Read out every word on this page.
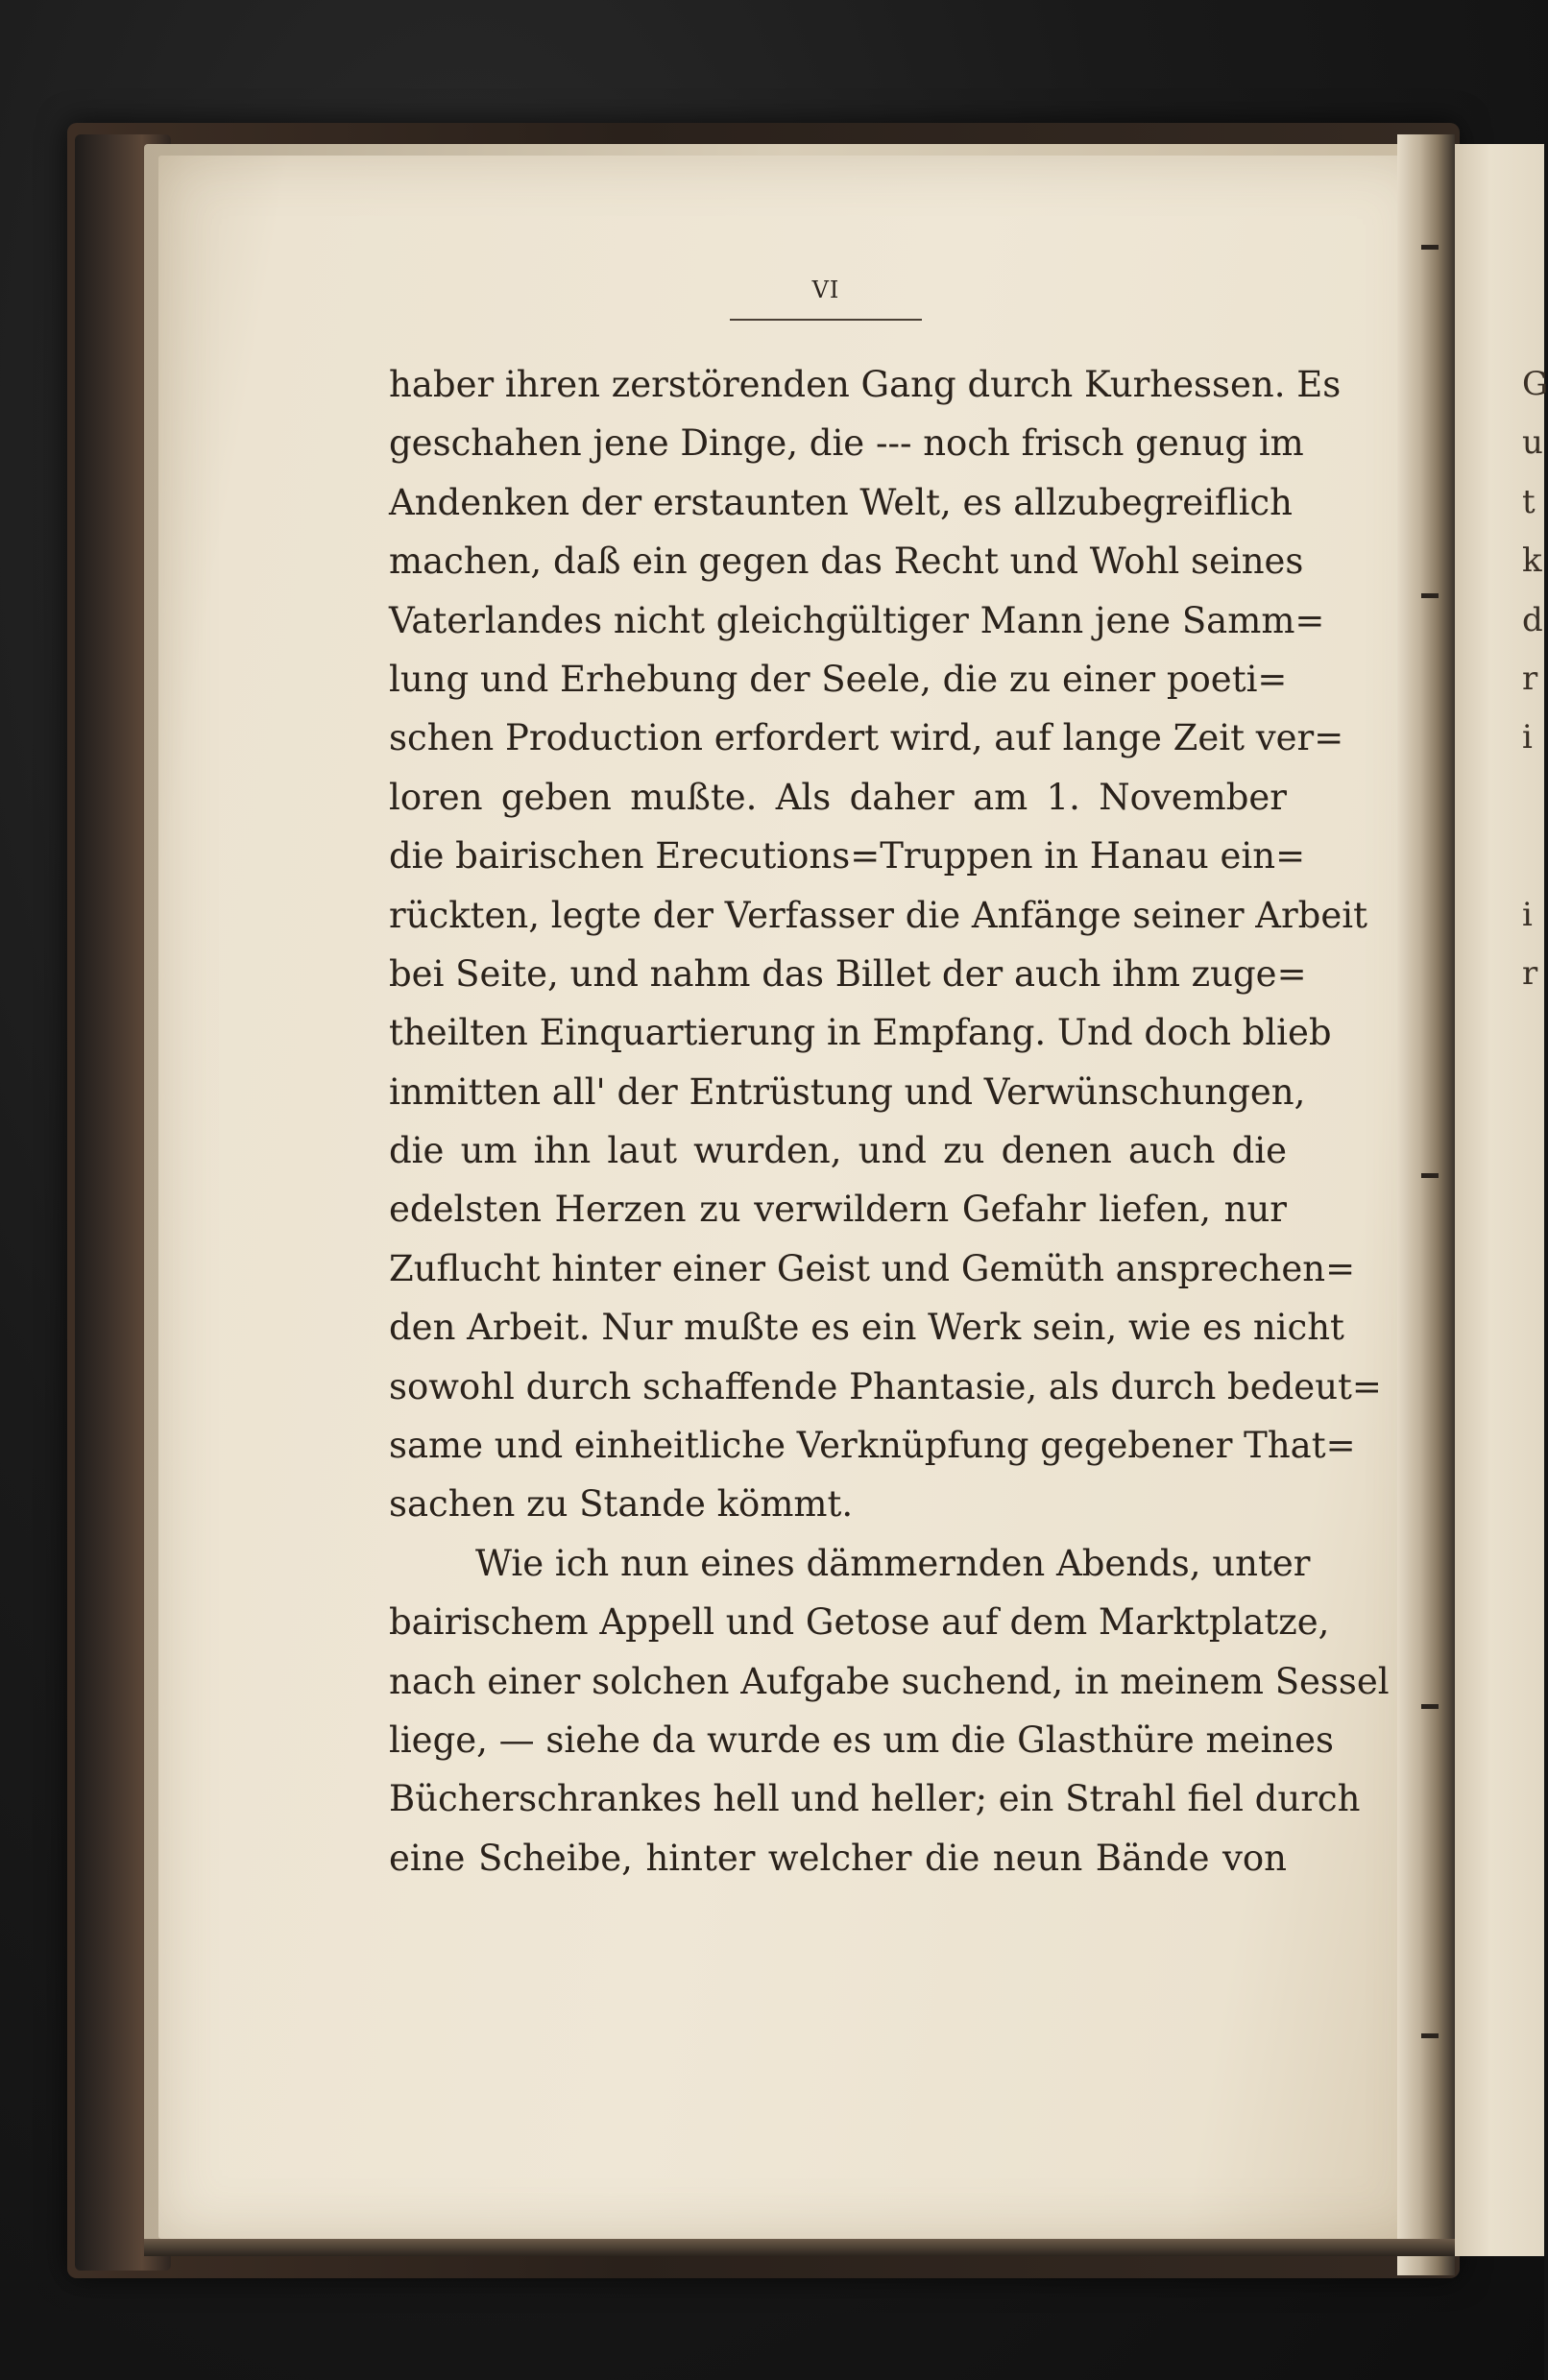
VI
haber ihren zerstörenden Gang durch Kurhessen. Es
geschahen jene Dinge, die --- noch frisch genug im
Andenken der erstaunten Welt, es allzubegreiflich
machen, daß ein gegen das Recht und Wohl seines
Vaterlandes nicht gleichgültiger Mann jene Samm=
lung und Erhebung der Seele, die zu einer poeti=
schen Production erfordert wird, auf lange Zeit ver=
loren geben mußte. Als daher am 1. November
die bairischen Erecutions=Truppen in Hanau ein=
rückten, legte der Verfasser die Anfänge seiner Arbeit
bei Seite, und nahm das Billet der auch ihm zuge=
theilten Einquartierung in Empfang. Und doch blieb
inmitten all' der Entrüstung und Verwünschungen,
die um ihn laut wurden, und zu denen auch die
edelsten Herzen zu verwildern Gefahr liefen, nur
Zuflucht hinter einer Geist und Gemüth ansprechen=
den Arbeit. Nur mußte es ein Werk sein, wie es nicht
sowohl durch schaffende Phantasie, als durch bedeut=
same und einheitliche Verknüpfung gegebener That=
sachen zu Stande kömmt.
Wie ich nun eines dämmernden Abends, unter
bairischem Appell und Getose auf dem Marktplatze,
nach einer solchen Aufgabe suchend, in meinem Sessel
liege, — siehe da wurde es um die Glasthüre meines
Bücherschrankes hell und heller; ein Strahl fiel durch
eine Scheibe, hinter welcher die neun Bände von
G
u
t
k
d
r
i
i
r
